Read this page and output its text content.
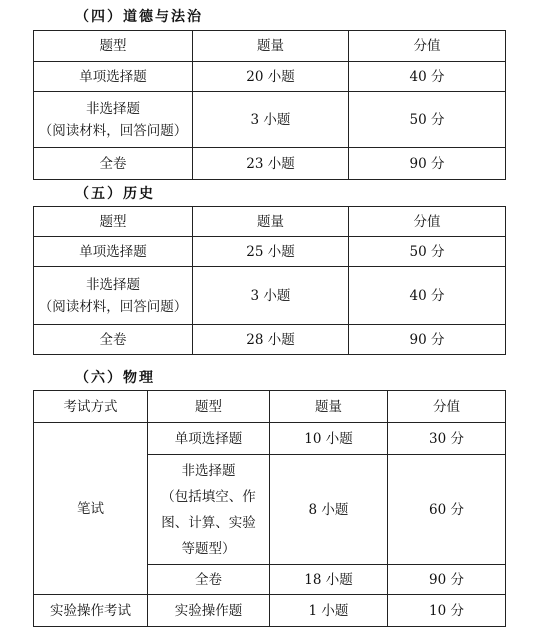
（四）道德与法治
题型	题量	分值
单项选择题	20 小题	40 分

非选择题
（阅读材料，回答问题）	3 小题	50 分
全卷	23 小题	90 分
（五）历史
题型	题量	分值
单项选择题	25 小题	50 分

非选择题
（阅读材料，回答问题）	3 小题	40 分
全卷	28 小题	90 分
（六）物理
考试方式	题型	题量	分值
笔试	单项选择题	10 小题	30 分

	非选择题
（包括填空、作
图、计算、实验
等题型）	8 小题	60 分
	全卷	18 小题	90 分
实验操作考试	实验操作题	1 小题	10 分
